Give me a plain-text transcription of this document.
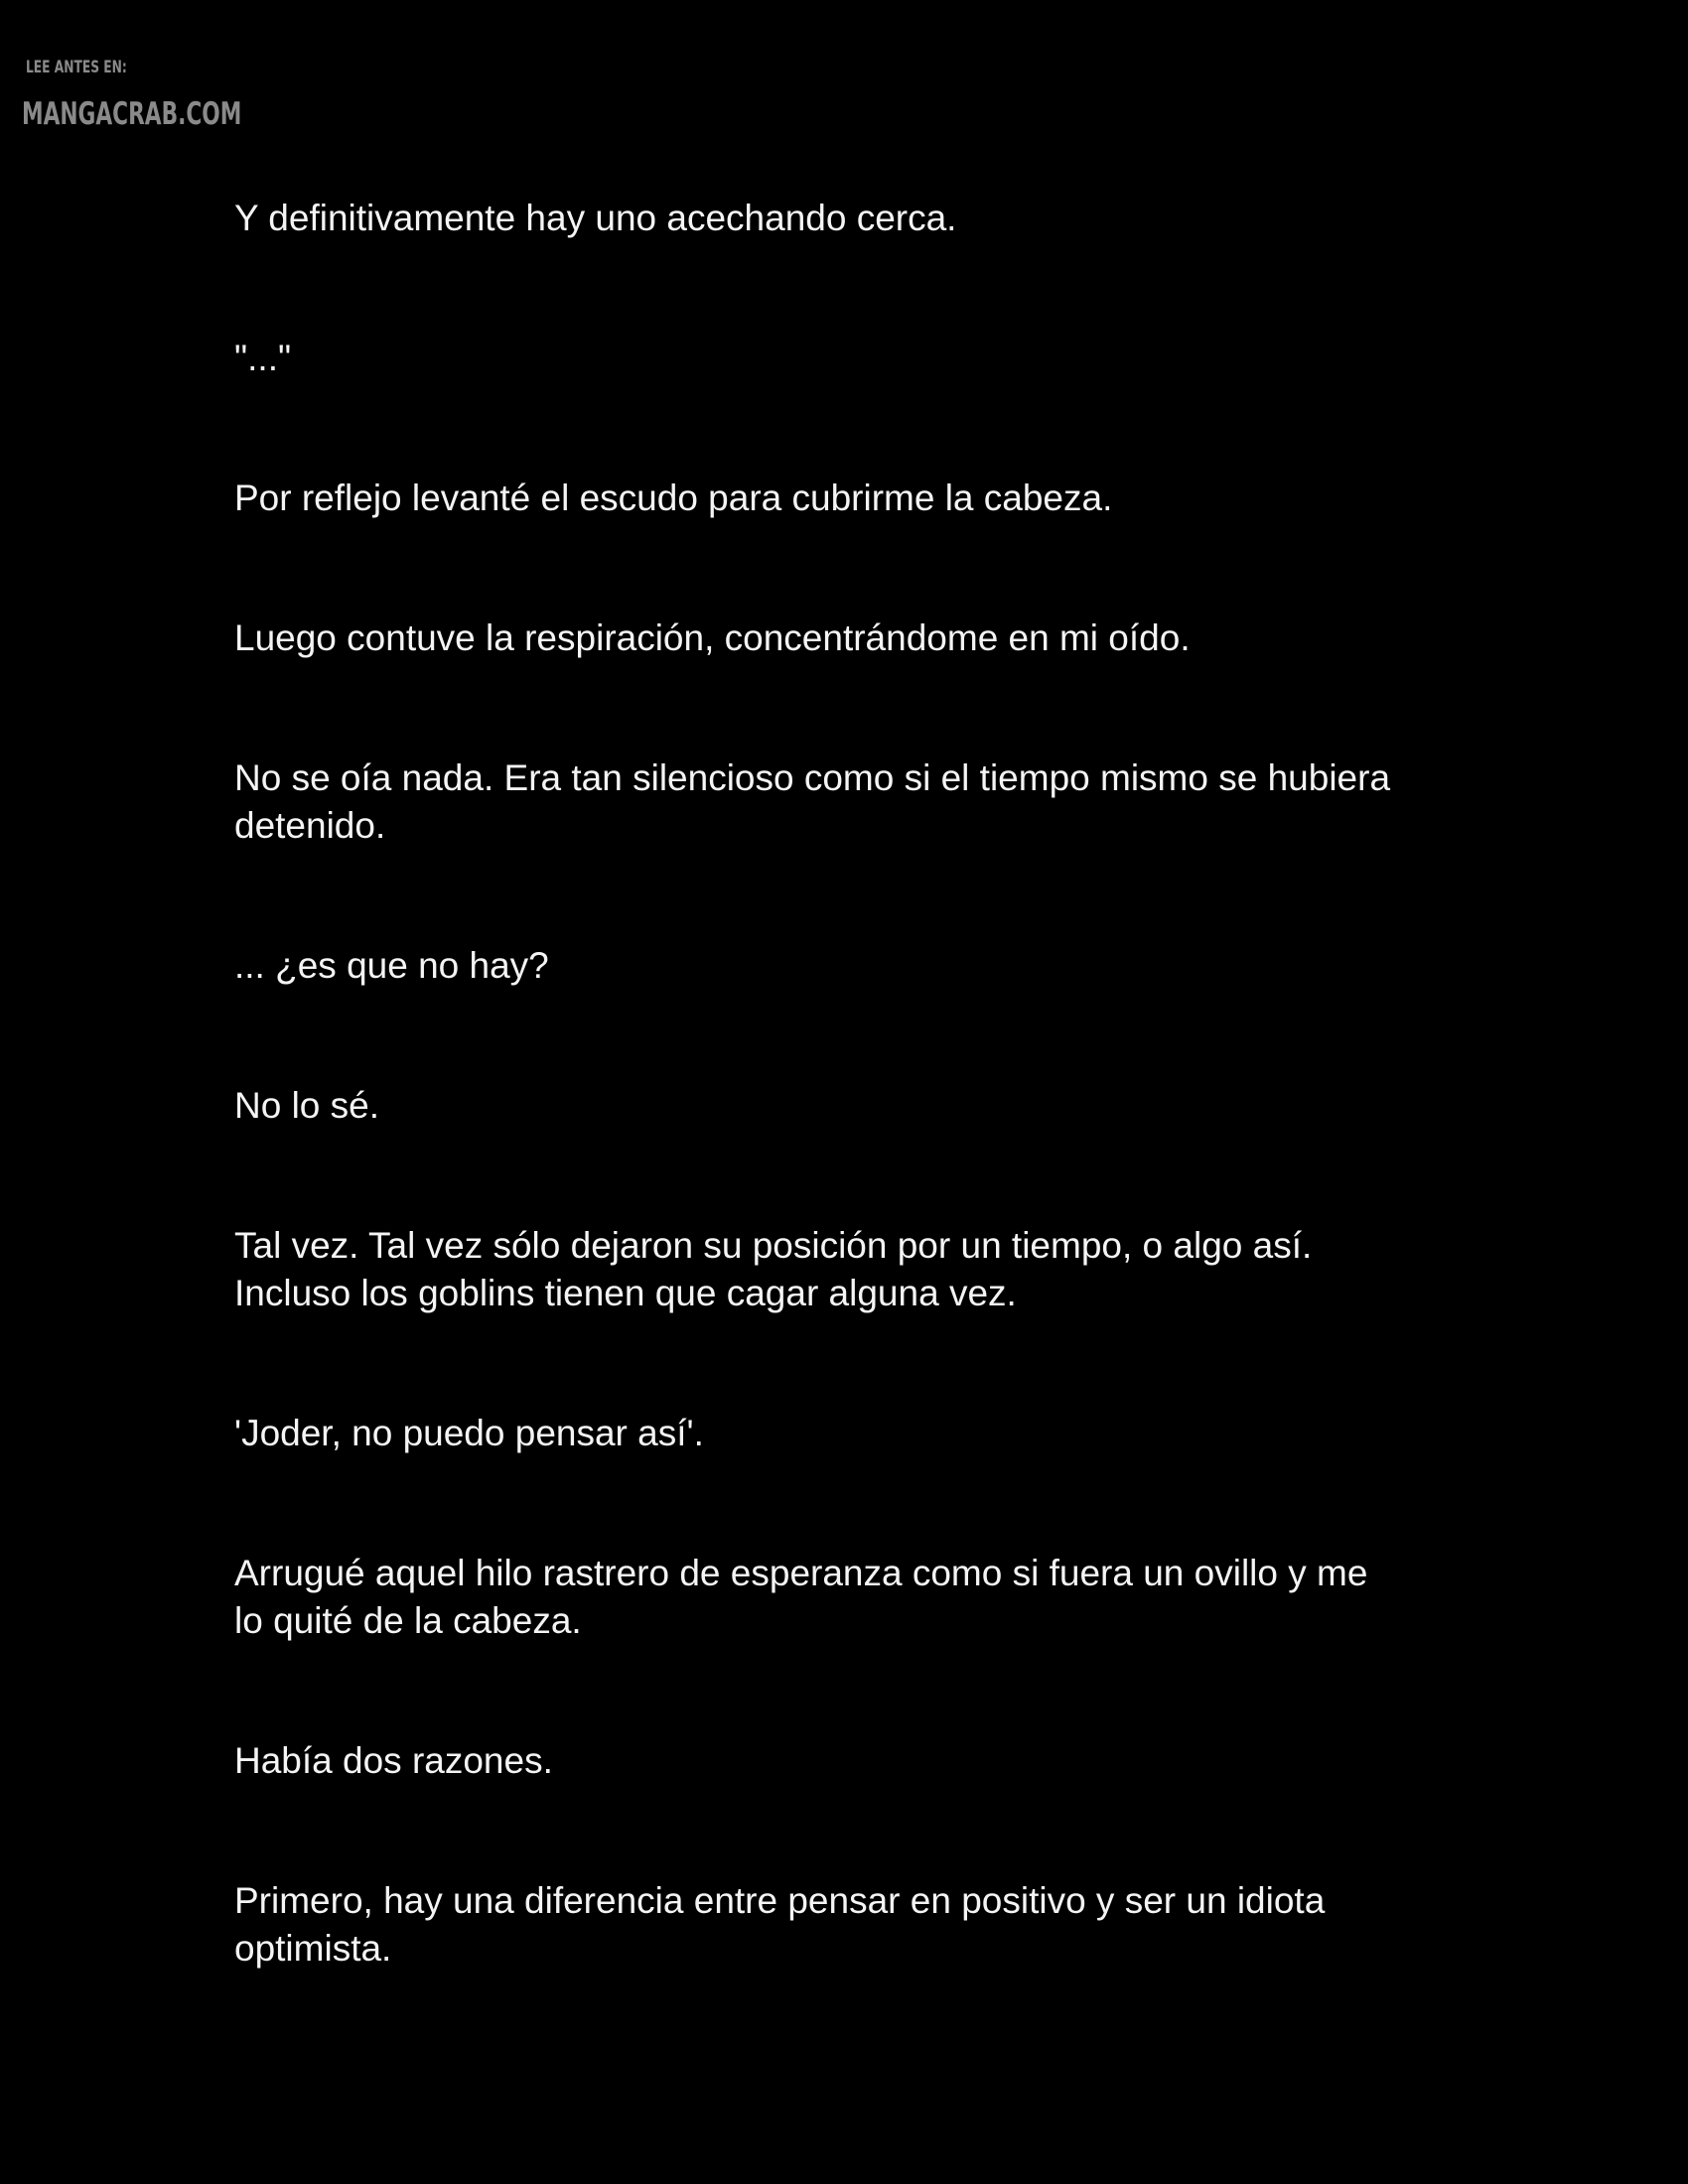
LEE ANTES EN:
MANGACRAB.COM

Y definitivamente hay uno acechando cerca.

"..."

Por reflejo levanté el escudo para cubrirme la cabeza.

Luego contuve la respiración, concentrándome en mi oído.

No se oía nada. Era tan silencioso como si el tiempo mismo se hubiera
detenido.

... ¿es que no hay?

No lo sé.

Tal vez. Tal vez sólo dejaron su posición por un tiempo, o algo así.
Incluso los goblins tienen que cagar alguna vez.

'Joder, no puedo pensar así'.

Arrugué aquel hilo rastrero de esperanza como si fuera un ovillo y me
lo quité de la cabeza.

Había dos razones.

Primero, hay una diferencia entre pensar en positivo y ser un idiota
optimista.
